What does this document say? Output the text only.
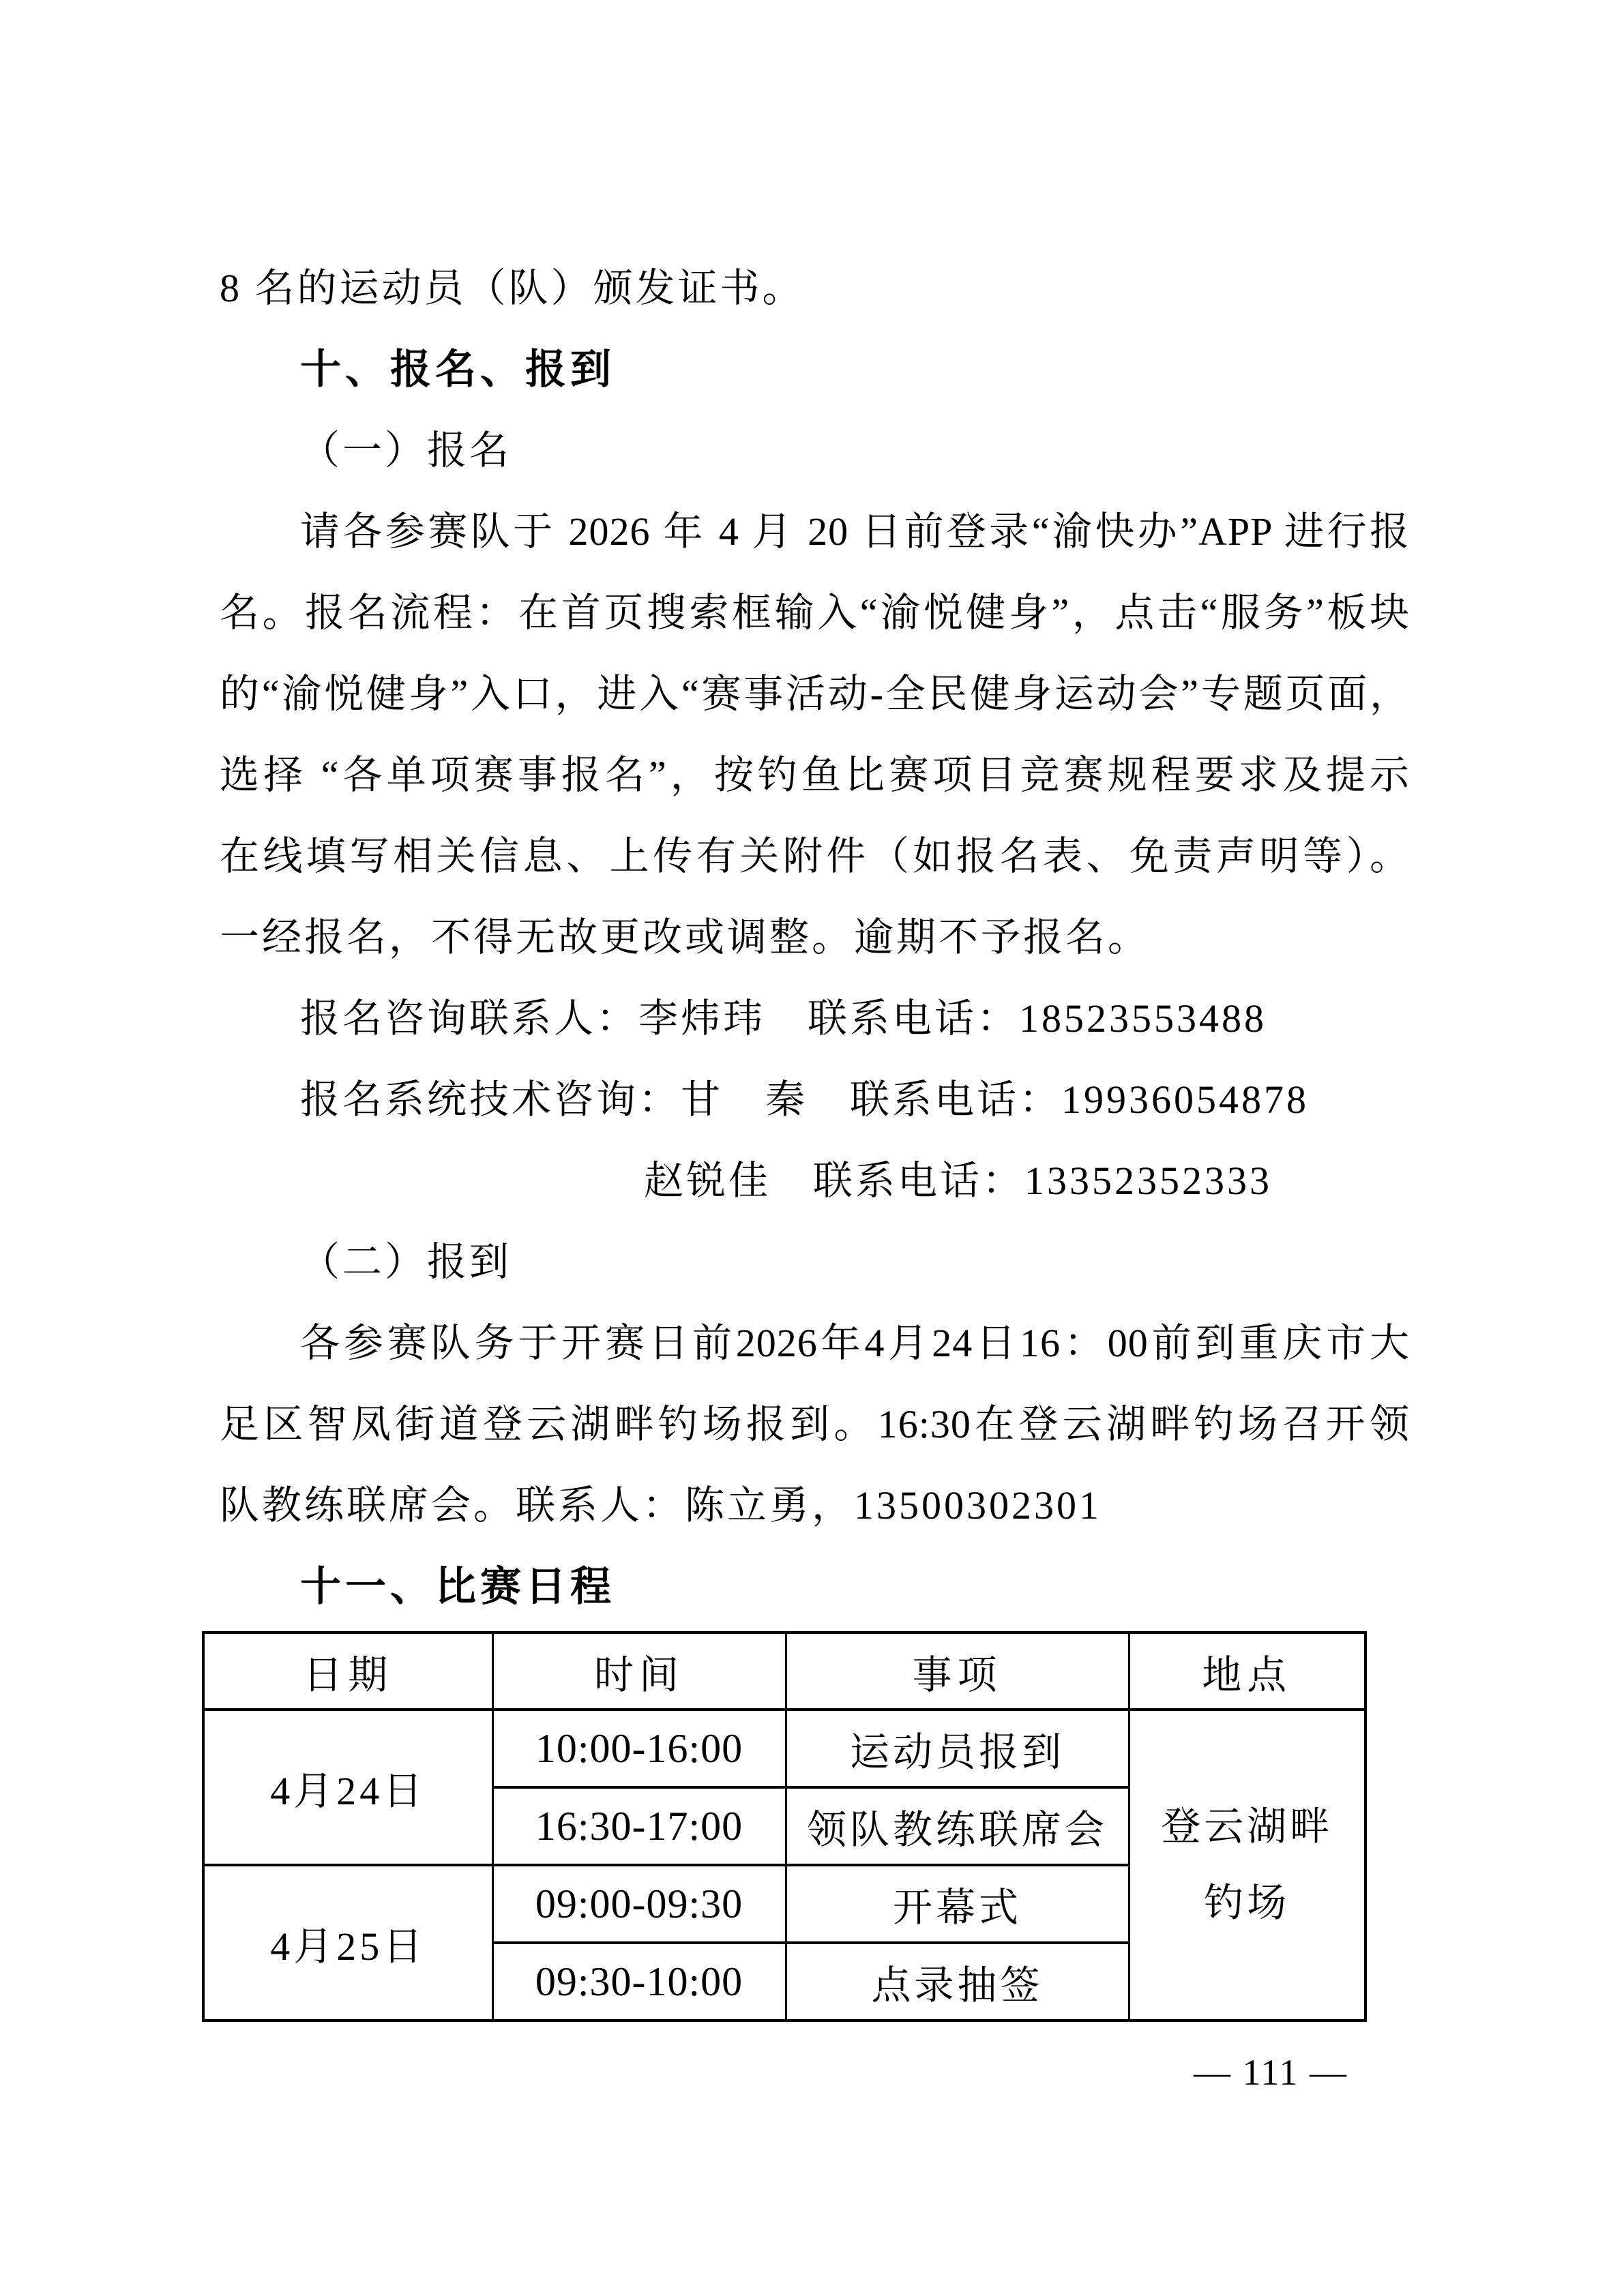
8 名的运动员（队）颁发证书。
十、报名、报到
（一）报名
请各参赛队于 2026 年 4 月 20 日前登录“渝快办”APP 进行报
名。报名流程：在首页搜索框输入“渝悦健身”，点击“服务”板块
的“渝悦健身”入口，进入“赛事活动-全民健身运动会”专题页面，
选择 “各单项赛事报名”，按钓鱼比赛项目竞赛规程要求及提示
在线填写相关信息、上传有关附件（如报名表、免责声明等）。
一经报名，不得无故更改或调整。逾期不予报名。
报名咨询联系人：李炜玮　联系电话：18523553488
报名系统技术咨询：甘　秦　联系电话：19936054878
赵锐佳　联系电话：13352352333
（二）报到
各参赛队务于开赛日前2026年4月24日16：00前到重庆市大
足区智凤街道登云湖畔钓场报到。16:30在登云湖畔钓场召开领
队教练联席会。联系人：陈立勇，13500302301
十一、比赛日程
日期	时间	事项	地点
4月24日	10:00-16:00	运动员报到	登云湖畔
钓场

	16:30-17:00	领队教练联席会	
4月25日	09:00-09:30	开幕式	
	09:30-10:00	点录抽签	
— 111 —
